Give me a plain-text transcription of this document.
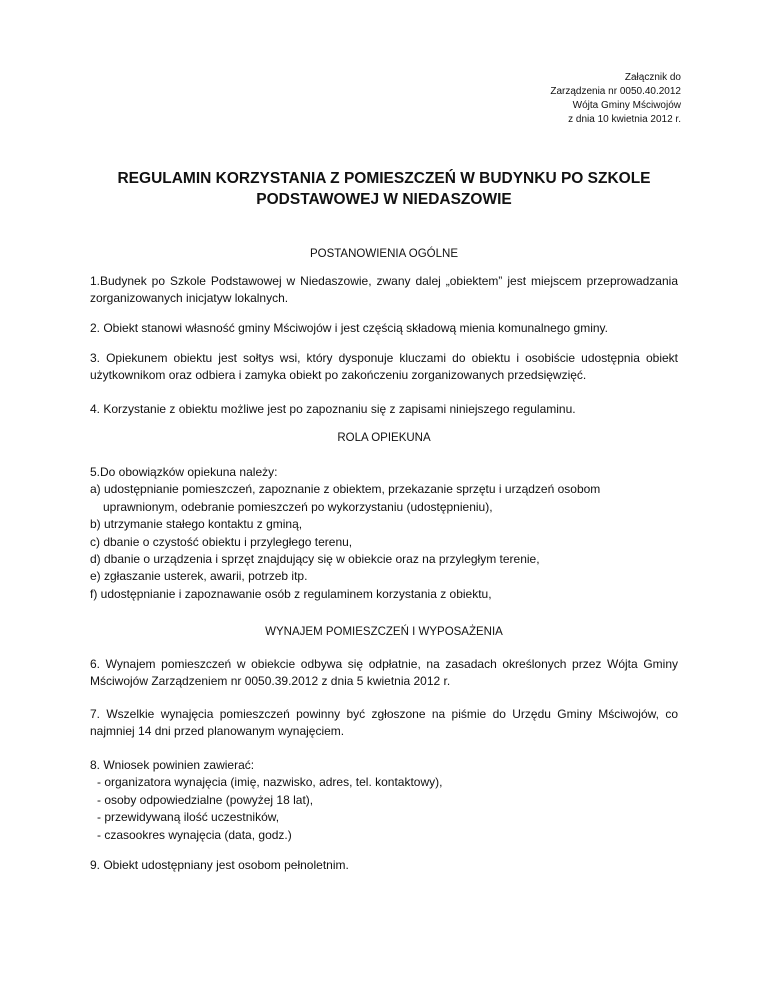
Załącznik do
Zarządzenia nr 0050.40.2012
Wójta Gminy Mściwojów
z dnia 10 kwietnia 2012 r.
REGULAMIN KORZYSTANIA Z POMIESZCZEŃ W BUDYNKU PO SZKOLE
PODSTAWOWEJ W NIEDASZOWIE
POSTANOWIENIA OGÓLNE
1.Budynek po Szkole Podstawowej w Niedaszowie, zwany dalej „obiektem” jest miejscem przeprowadzania zorganizowanych inicjatyw lokalnych.
2. Obiekt stanowi własność gminy Mściwojów i jest częścią składową mienia komunalnego gminy.
3. Opiekunem obiektu jest sołtys wsi, który dysponuje kluczami do obiektu i osobiście udostępnia obiekt użytkownikom oraz odbiera i zamyka obiekt po zakończeniu zorganizowanych przedsięwzięć.
4. Korzystanie z obiektu możliwe jest po zapoznaniu się z zapisami niniejszego regulaminu.
ROLA OPIEKUNA
5.Do obowiązków opiekuna należy:
a) udostępnianie pomieszczeń, zapoznanie z obiektem, przekazanie sprzętu i urządzeń osobom
uprawnionym, odebranie pomieszczeń po wykorzystaniu (udostępnieniu),
b) utrzymanie stałego kontaktu z gminą,
c) dbanie o czystość obiektu i przyległego terenu,
d) dbanie o urządzenia i sprzęt znajdujący się w obiekcie oraz na przyległym terenie,
e) zgłaszanie usterek, awarii, potrzeb itp.
f) udostępnianie i zapoznawanie osób z regulaminem korzystania z obiektu,
WYNAJEM POMIESZCZEŃ I WYPOSAŻENIA
6. Wynajem pomieszczeń w obiekcie odbywa się odpłatnie, na zasadach określonych przez Wójta Gminy Mściwojów Zarządzeniem nr 0050.39.2012 z dnia 5 kwietnia 2012 r.
7. Wszelkie wynajęcia pomieszczeń powinny być zgłoszone na piśmie do Urzędu Gminy Mściwojów, co najmniej 14 dni przed planowanym wynajęciem.
8. Wniosek powinien zawierać:
- organizatora wynajęcia (imię, nazwisko, adres, tel. kontaktowy),
- osoby odpowiedzialne (powyżej 18 lat),
- przewidywaną ilość uczestników,
- czasookres wynajęcia (data, godz.)
9. Obiekt udostępniany jest osobom pełnoletnim.
